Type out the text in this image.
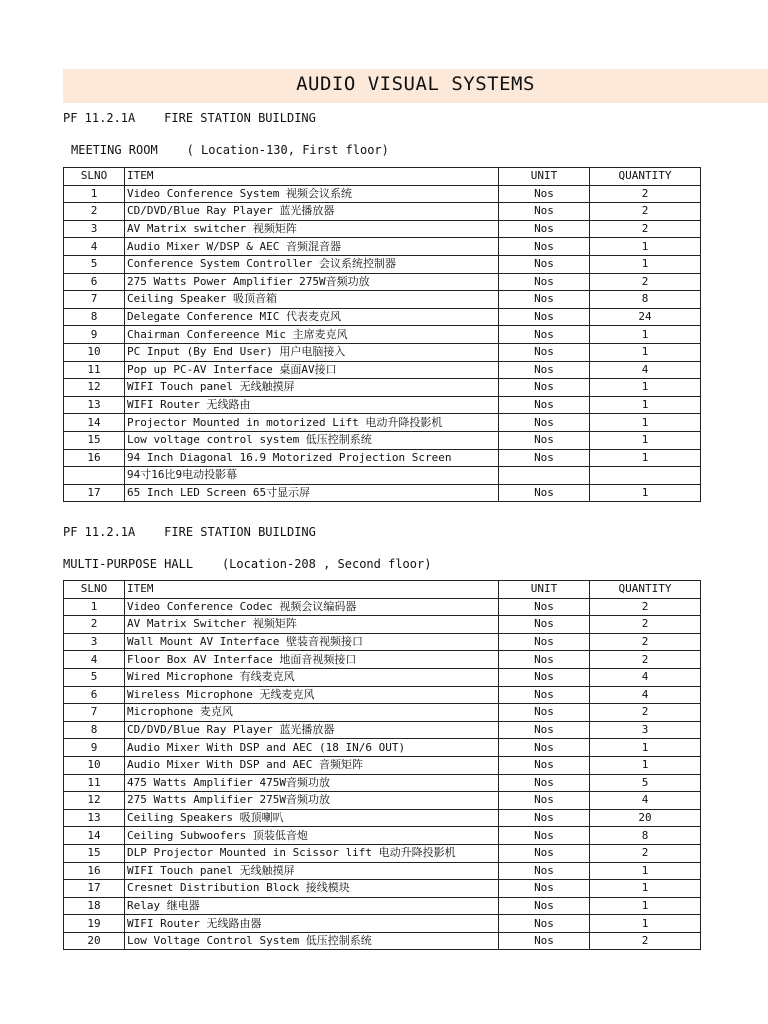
AUDIO VISUAL SYSTEMS
PF 11.2.1A    FIRE STATION BUILDING
MEETING ROOM    ( Location-130, First floor)
SLNO	ITEM	UNIT	QUANTITY
1	Video Conference System 视频会议系统	Nos	2
2	CD/DVD/Blue Ray Player 蓝光播放器	Nos	2
3	AV Matrix switcher 视频矩阵	Nos	2
4	Audio Mixer W/DSP & AEC 音频混音器	Nos	1
5	Conference System Controller 会议系统控制器	Nos	1
6	275 Watts Power Amplifier 275W音频功放	Nos	2
7	Ceiling Speaker 吸顶音箱	Nos	8
8	Delegate Conference MIC 代表麦克风	Nos	24
9	Chairman Confereence Mic 主席麦克风	Nos	1
10	PC Input (By End User) 用户电脑接入	Nos	1
11	Pop up PC-AV Interface 桌面AV接口	Nos	4
12	WIFI Touch panel 无线触摸屏	Nos	1
13	WIFI Router 无线路由	Nos	1
14	Projector Mounted in motorized Lift 电动升降投影机	Nos	1
15	Low voltage control system 低压控制系统	Nos	1
16	94 Inch Diagonal 16.9 Motorized Projection Screen	Nos	1
	94寸16比9电动投影幕		
17	65 Inch LED Screen 65寸显示屏	Nos	1
PF 11.2.1A    FIRE STATION BUILDING
MULTI-PURPOSE HALL    (Location-208 , Second floor)
SLNO	ITEM	UNIT	QUANTITY
1	Video Conference Codec 视频会议编码器	Nos	2
2	AV Matrix Switcher 视频矩阵	Nos	2
3	Wall Mount AV Interface 壁装音视频接口	Nos	2
4	Floor Box AV Interface 地面音视频接口	Nos	2
5	Wired Microphone 有线麦克风	Nos	4
6	Wireless Microphone 无线麦克风	Nos	4
7	Microphone 麦克风	Nos	2
8	CD/DVD/Blue Ray Player 蓝光播放器	Nos	3
9	Audio Mixer With DSP and AEC (18 IN/6 OUT)	Nos	1
10	Audio Mixer With DSP and AEC 音频矩阵	Nos	1
11	475 Watts Amplifier 475W音频功放	Nos	5
12	275 Watts Amplifier 275W音频功放	Nos	4
13	Ceiling Speakers 吸顶喇叭	Nos	20
14	Ceiling Subwoofers 顶装低音炮	Nos	8
15	DLP Projector Mounted in Scissor lift 电动升降投影机	Nos	2
16	WIFI Touch panel 无线触摸屏	Nos	1
17	Cresnet Distribution Block 接线模块	Nos	1
18	Relay 继电器	Nos	1
19	WIFI Router 无线路由器	Nos	1
20	Low Voltage Control System 低压控制系统	Nos	2
